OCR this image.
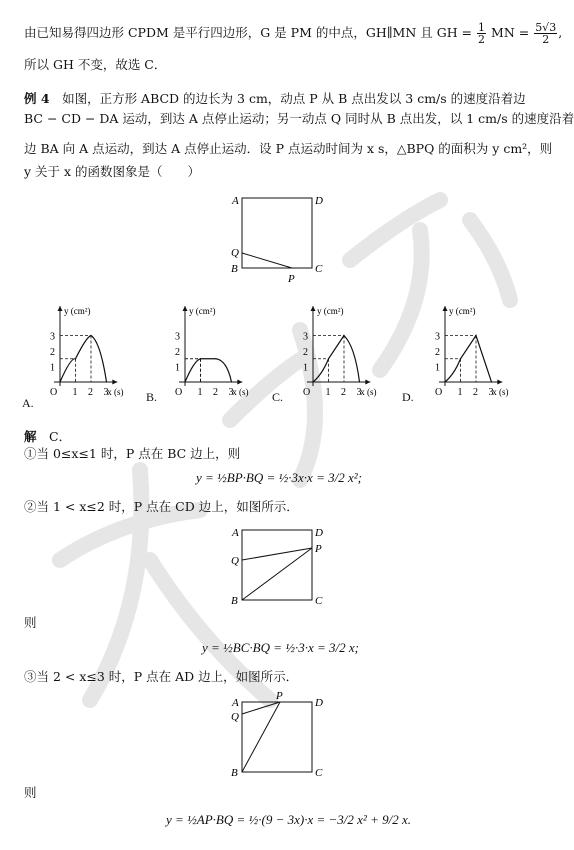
由已知易得四边形 CPDM 是平行四边形，G 是 PM 的中点，GH∥MN 且 GH = $\frac{1}{2}$ MN = $\frac{5√3}{2}$ ,
所以 GH 不变，故选 C．
例 4　 如图，正方形 ABCD 的边长为 3 cm，动点 P 从 B 点出发以 3 cm/s 的速度沿着边
BC − CD − DA 运动，到达 A 点停止运动；另一动点 Q 同时从 B 点出发，以 1 cm/s 的速度沿着
边 BA 向 A 点运动，到达 A 点停止运动．设 P 点运动时间为 x s，△BPQ 的面积为 y cm²，则
y 关于 x 的函数图象是（　　）
A	D
Q
B	C
P
y (cm²)
x (s)
O 1 2 3
1
2
3
y (cm²)
x (s)
O 1 2 3
1
2
3
y (cm²)
x (s)
O 1 2 3
1
2
3
y (cm²)
x (s)
O 1 2 3
1
2
3
A.	B.	C.	D.
解　 C．
①当 0≤x≤1 时，P 点在 BC 边上，则
y = ½BP·BQ = ½·3x·x = 3/2 x²;
②当 1 < x≤2 时，P 点在 CD 边上，如图所示．
A	D
P
Q
B	C
则
y = ½BC·BQ = ½·3·x = 3/2 x;
③当 2 < x≤3 时，P 点在 AD 边上，如图所示．
P
A	D
Q
B	C
则
y = ½AP·BQ = ½·(9 − 3x)·x = −3/2 x² + 9/2 x.
